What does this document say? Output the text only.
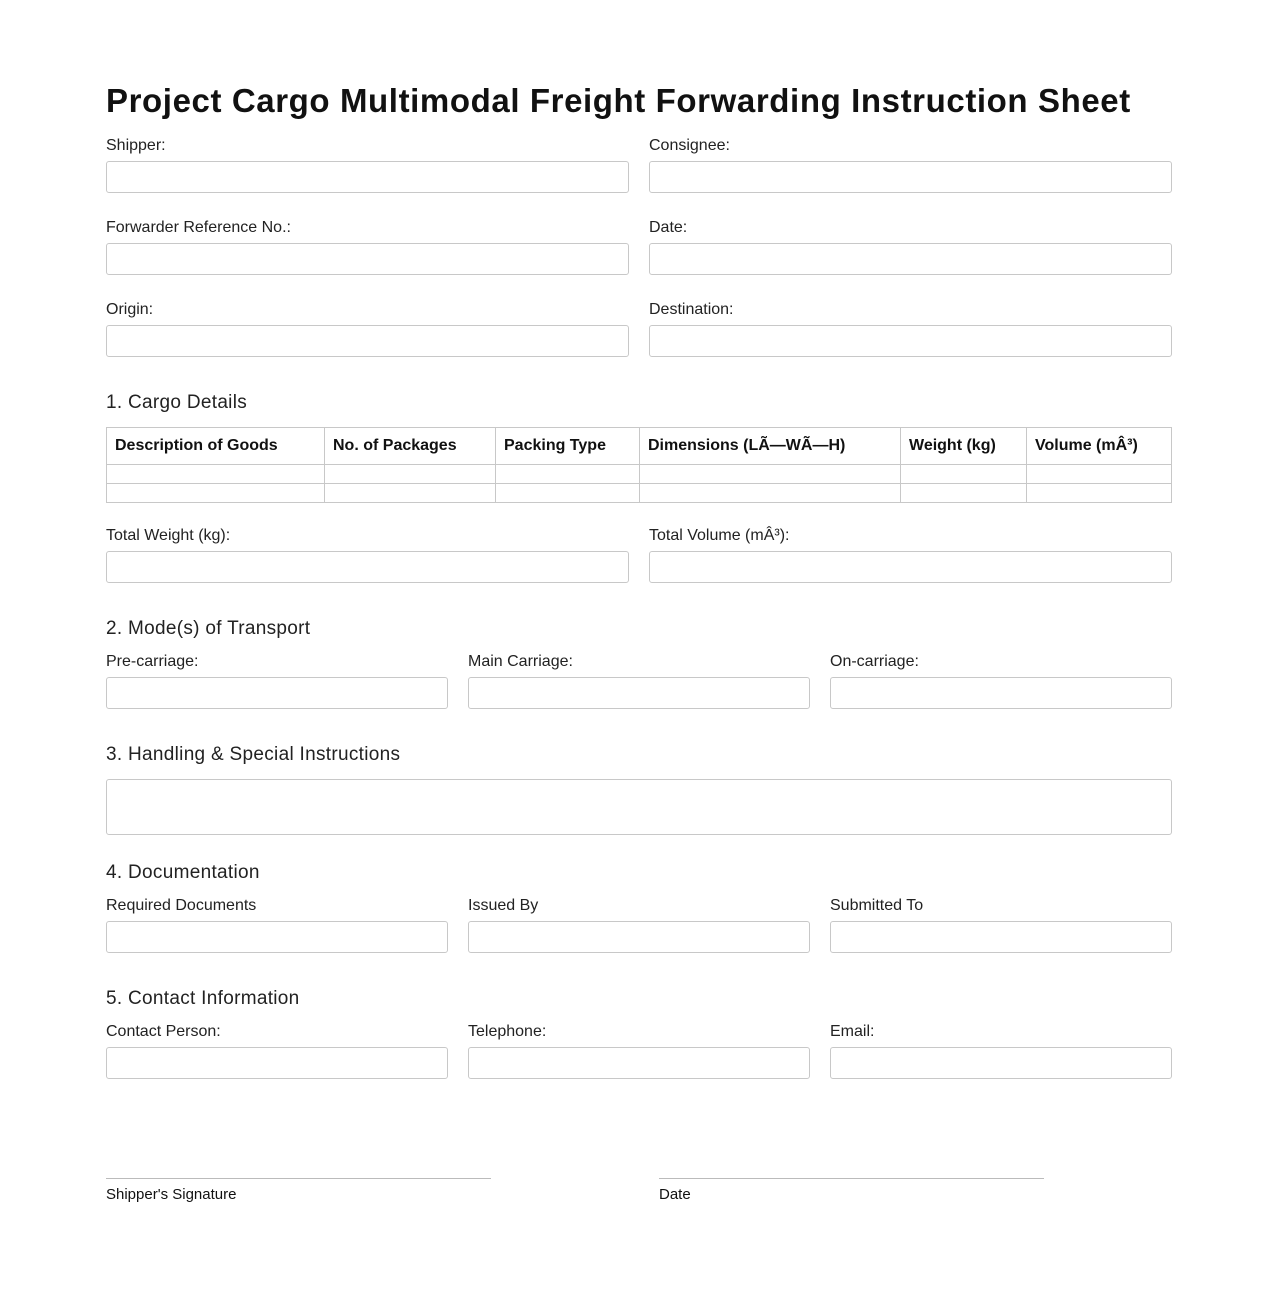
Project Cargo Multimodal Freight Forwarding Instruction Sheet
Shipper:	Consignee:
Forwarder Reference No.:	Date:
Origin:	Destination:
1. Cargo Details
Description of Goods	No. of Packages	Packing Type	Dimensions (LÃ—WÃ—H)	Weight (kg)	Volume (mÂ³)

Total Weight (kg):	Total Volume (mÂ³):
2. Mode(s) of Transport
Pre-carriage:	Main Carriage:	On-carriage:
3. Handling & Special Instructions
4. Documentation
Required Documents	Issued By	Submitted To
5. Contact Information
Contact Person:	Telephone:	Email:
Shipper's Signature	Date
